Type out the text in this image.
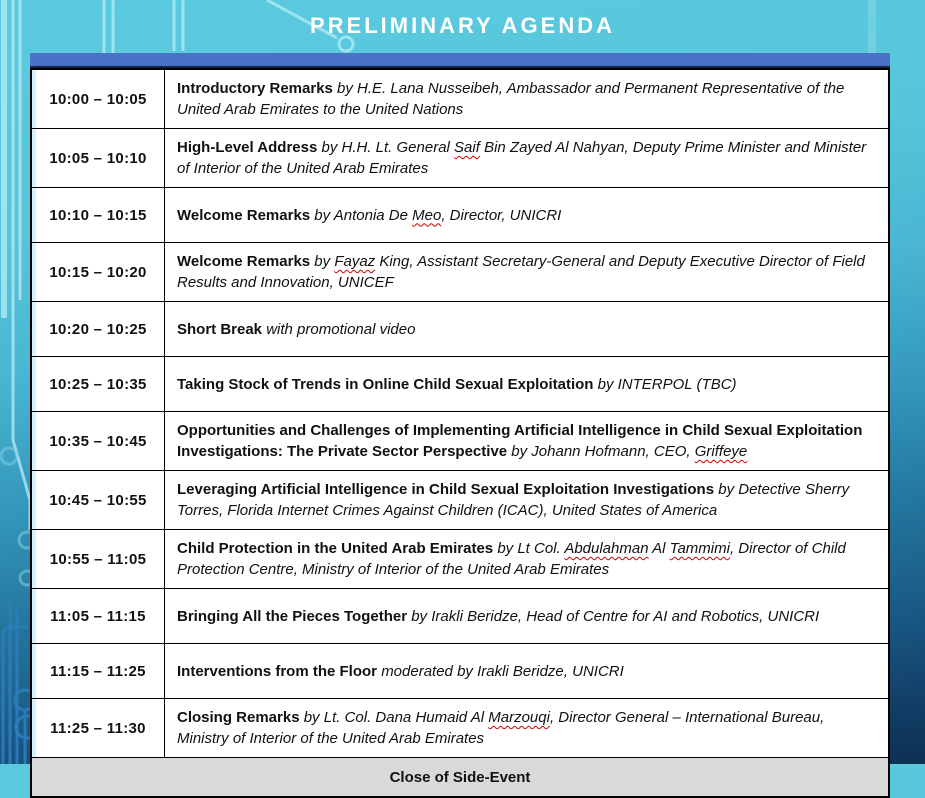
PRELIMINARY AGENDA
10:00 – 10:05	Introductory Remarks by H.E. Lana Nusseibeh, Ambassador and Permanent Representative of the United Arab Emirates to the United Nations
10:05 – 10:10	High-Level Address by H.H. Lt. General Saif Bin Zayed Al Nahyan, Deputy Prime Minister and Minister of Interior of the United Arab Emirates
10:10 – 10:15	Welcome Remarks by Antonia De Meo, Director, UNICRI
10:15 – 10:20	Welcome Remarks by Fayaz King, Assistant Secretary-General and Deputy Executive Director of Field Results and Innovation, UNICEF
10:20 – 10:25	Short Break with promotional video
10:25 – 10:35	Taking Stock of Trends in Online Child Sexual Exploitation by INTERPOL (TBC)
10:35 – 10:45	Opportunities and Challenges of Implementing Artificial Intelligence in Child Sexual Exploitation Investigations: The Private Sector Perspective by Johann Hofmann, CEO, Griffeye
10:45 – 10:55	Leveraging Artificial Intelligence in Child Sexual Exploitation Investigations by Detective Sherry Torres, Florida Internet Crimes Against Children (ICAC), United States of America
10:55 – 11:05	Child Protection in the United Arab Emirates by Lt Col. Abdulahman Al Tammimi, Director of Child Protection Centre, Ministry of Interior of the United Arab Emirates
11:05 – 11:15	Bringing All the Pieces Together by Irakli Beridze, Head of Centre for AI and Robotics, UNICRI
11:15 – 11:25	Interventions from the Floor moderated by Irakli Beridze, UNICRI
11:25 – 11:30	Closing Remarks by Lt. Col. Dana Humaid Al Marzouqi, Director General – International Bureau, Ministry of Interior of the United Arab Emirates
Close of Side-Event	
